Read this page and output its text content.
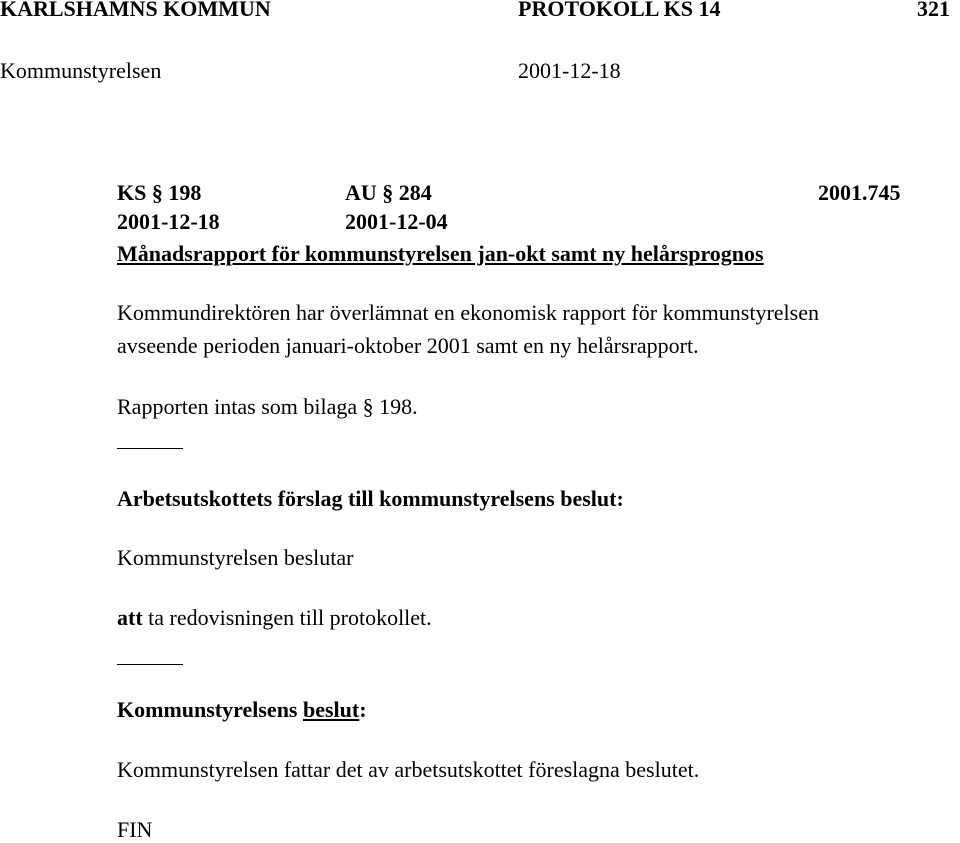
KARLSHAMNS KOMMUN	PROTOKOLL KS 14	321
Kommunstyrelsen	2001-12-18
KS § 198	AU § 284	2001.745
2001-12-18	2001-12-04
Månadsrapport för kommunstyrelsen jan-okt samt ny helårsprognos
Kommundirektören har överlämnat en ekonomisk rapport för kommunstyrelsen
avseende perioden januari-oktober 2001 samt en ny helårsrapport.
Rapporten intas som bilaga § 198.
Arbetsutskottets förslag till kommunstyrelsens beslut:
Kommunstyrelsen beslutar
att ta redovisningen till protokollet.
Kommunstyrelsens beslut:
Kommunstyrelsen fattar det av arbetsutskottet föreslagna beslutet.
FIN
